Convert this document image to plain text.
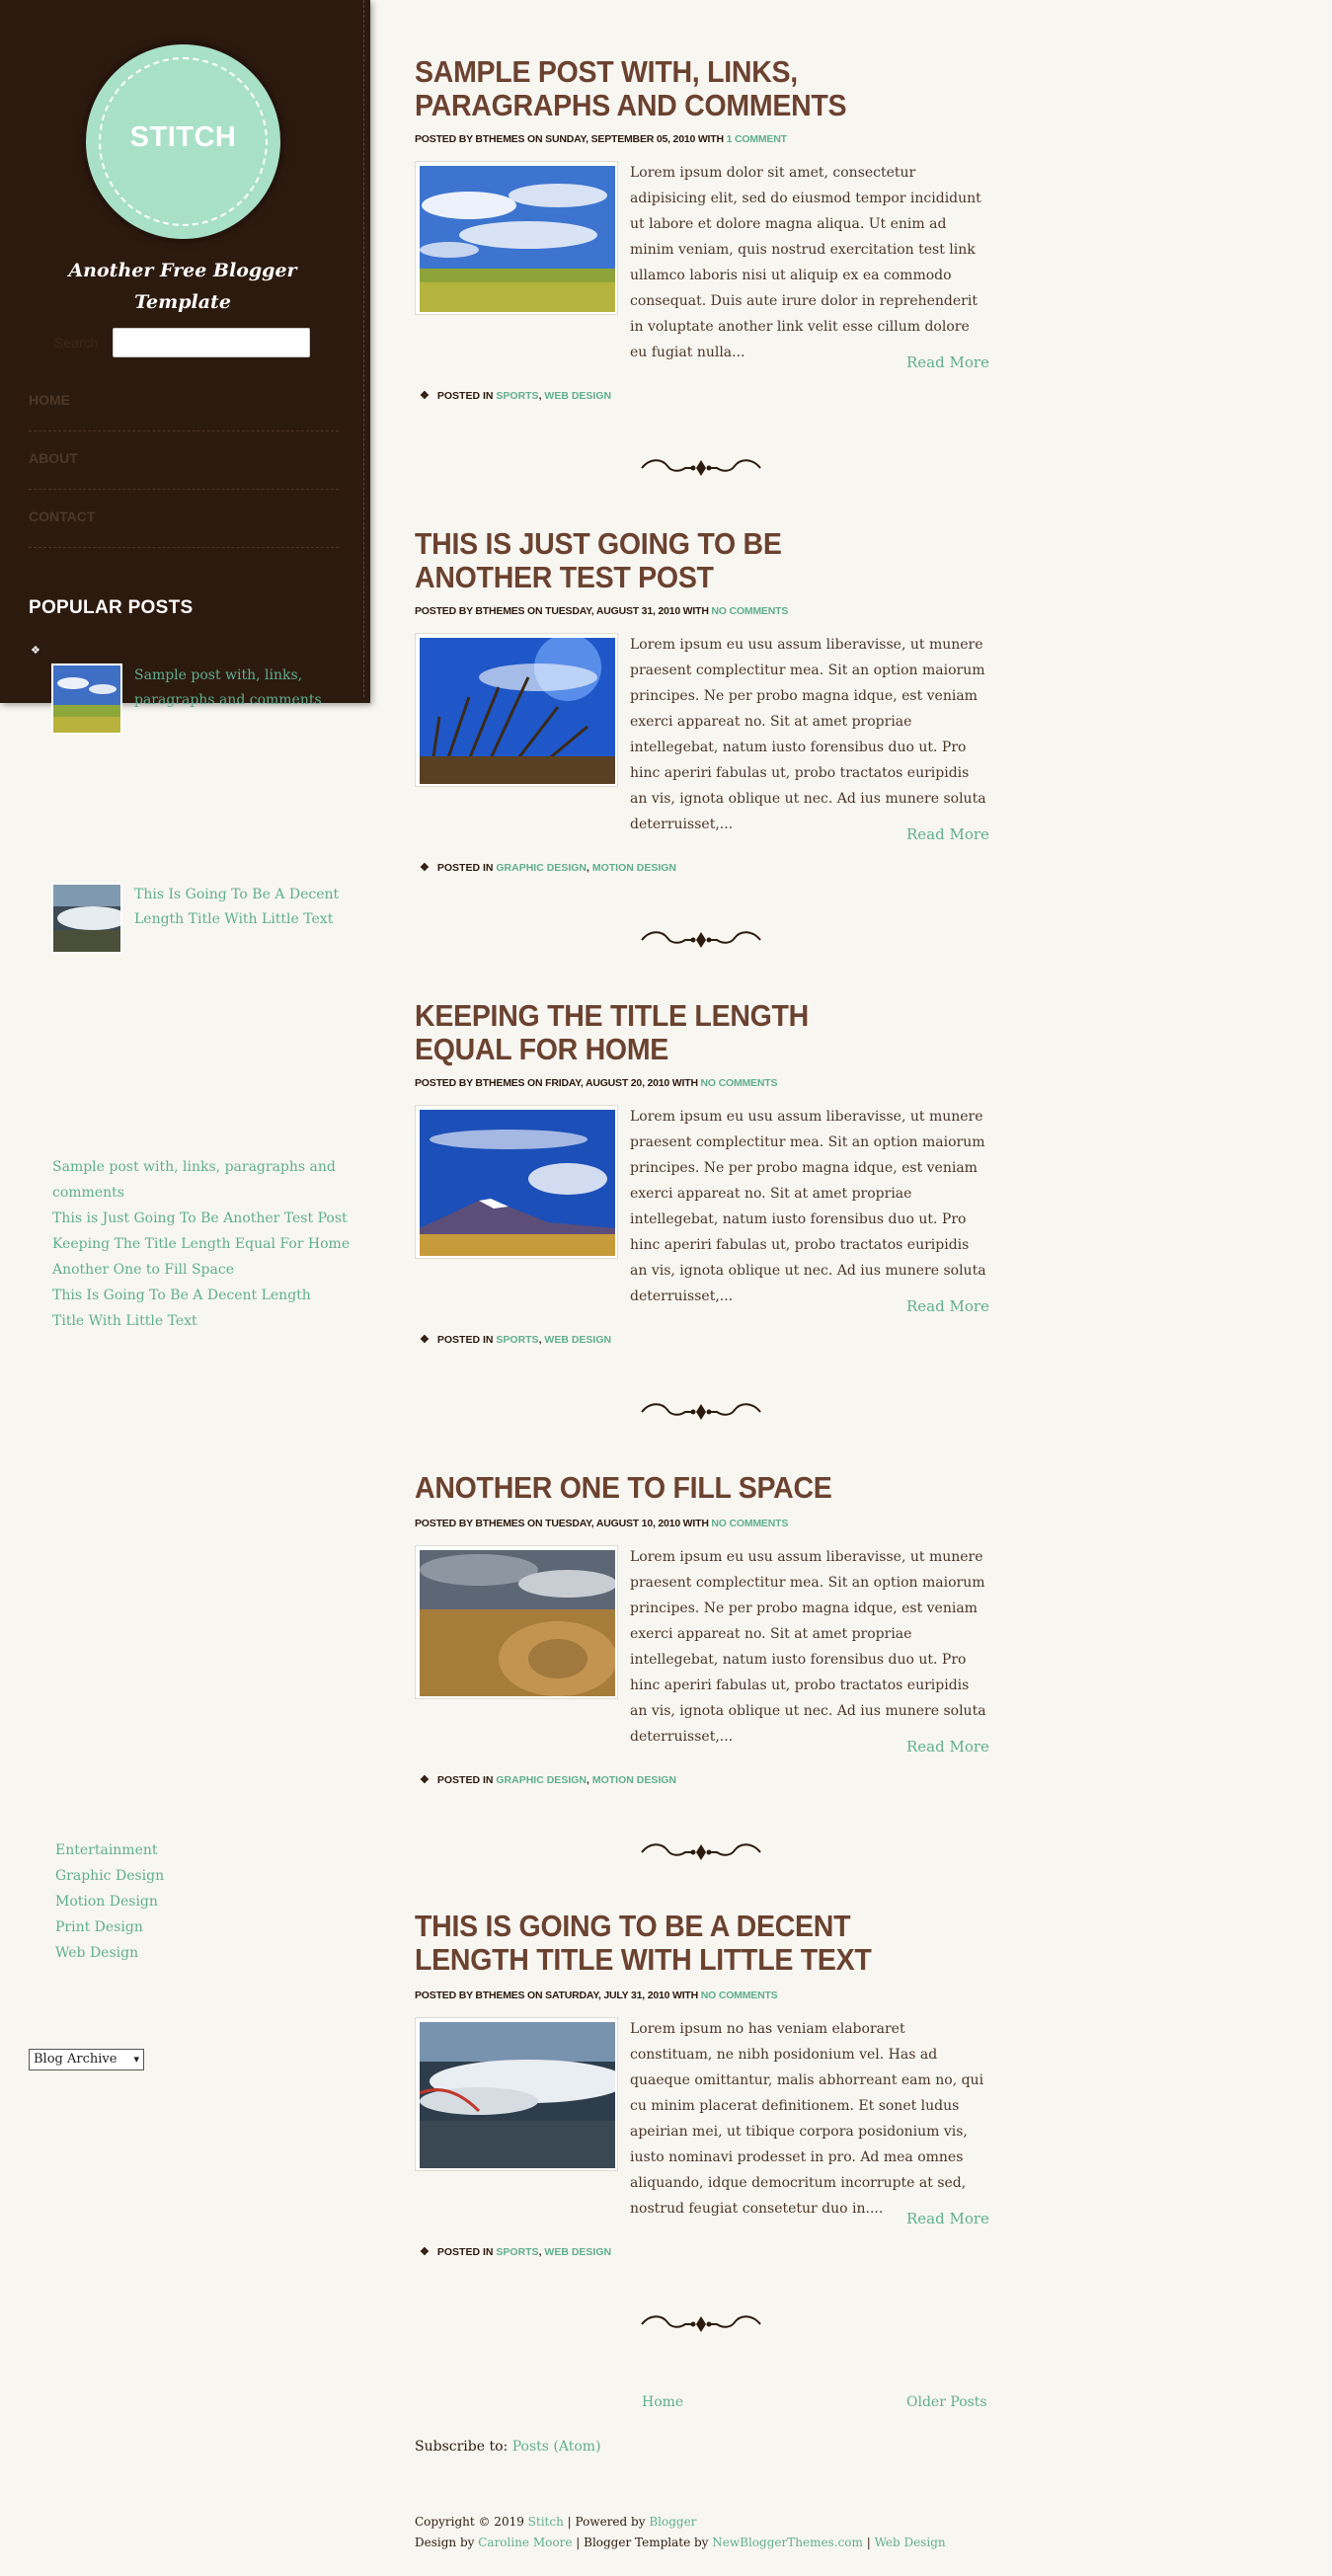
STITCH
Another Free Blogger Template
Search
HOME
ABOUT
CONTACT
POPULAR POSTS
❖
Sample post with, links, paragraphs and comments
This Is Going To Be A Decent Length Title With Little Text
Sample post with, links, paragraphs and comments
This is Just Going To Be Another Test Post
Keeping The Title Length Equal For Home
Another One to Fill Space
This Is Going To Be A Decent Length Title With Little Text
Entertainment
Graphic Design
Motion Design
Print Design
Web Design
Blog Archive ▾
SAMPLE POST WITH, LINKS, PARAGRAPHS AND COMMENTS
POSTED BY BTHEMES ON SUNDAY, SEPTEMBER 05, 2010 WITH 1 COMMENT
Lorem ipsum dolor sit amet, consectetur adipisicing elit, sed do eiusmod tempor incididunt ut labore et dolore magna aliqua. Ut enim ad minim veniam, quis nostrud exercitation test link ullamco laboris nisi ut aliquip ex ea commodo consequat. Duis aute irure dolor in reprehenderit in voluptate another link velit esse cillum dolore eu fugiat nulla...
Read More
❖ POSTED IN SPORTS, WEB DESIGN
THIS IS JUST GOING TO BE ANOTHER TEST POST
POSTED BY BTHEMES ON TUESDAY, AUGUST 31, 2010 WITH NO COMMENTS
Lorem ipsum eu usu assum liberavisse, ut munere praesent complectitur mea. Sit an option maiorum principes. Ne per probo magna idque, est veniam exerci appareat no. Sit at amet propriae intellegebat, natum iusto forensibus duo ut. Pro hinc aperiri fabulas ut, probo tractatos euripidis an vis, ignota oblique ut nec. Ad ius munere soluta deterruisset,...
Read More
❖ POSTED IN GRAPHIC DESIGN, MOTION DESIGN
KEEPING THE TITLE LENGTH EQUAL FOR HOME
POSTED BY BTHEMES ON FRIDAY, AUGUST 20, 2010 WITH NO COMMENTS
Lorem ipsum eu usu assum liberavisse, ut munere praesent complectitur mea. Sit an option maiorum principes. Ne per probo magna idque, est veniam exerci appareat no. Sit at amet propriae intellegebat, natum iusto forensibus duo ut. Pro hinc aperiri fabulas ut, probo tractatos euripidis an vis, ignota oblique ut nec. Ad ius munere soluta deterruisset,...
Read More
❖ POSTED IN SPORTS, WEB DESIGN
ANOTHER ONE TO FILL SPACE
POSTED BY BTHEMES ON TUESDAY, AUGUST 10, 2010 WITH NO COMMENTS
Lorem ipsum eu usu assum liberavisse, ut munere praesent complectitur mea. Sit an option maiorum principes. Ne per probo magna idque, est veniam exerci appareat no. Sit at amet propriae intellegebat, natum iusto forensibus duo ut. Pro hinc aperiri fabulas ut, probo tractatos euripidis an vis, ignota oblique ut nec. Ad ius munere soluta deterruisset,...
Read More
❖ POSTED IN GRAPHIC DESIGN, MOTION DESIGN
THIS IS GOING TO BE A DECENT LENGTH TITLE WITH LITTLE TEXT
POSTED BY BTHEMES ON SATURDAY, JULY 31, 2010 WITH NO COMMENTS
Lorem ipsum no has veniam elaboraret constituam, ne nibh posidonium vel. Has ad quaeque omittantur, malis abhorreant eam no, qui cu minim placerat definitionem. Et sonet ludus apeirian mei, ut tibique corpora posidonium vis, iusto nominavi prodesset in pro. Ad mea omnes aliquando, idque democritum incorrupte at sed, nostrud feugiat consetetur duo in....
Read More
❖ POSTED IN SPORTS, WEB DESIGN
Home	Older Posts
Subscribe to: Posts (Atom)
Copyright © 2019 Stitch | Powered by Blogger
Design by Caroline Moore | Blogger Template by NewBloggerThemes.com | Web Design
